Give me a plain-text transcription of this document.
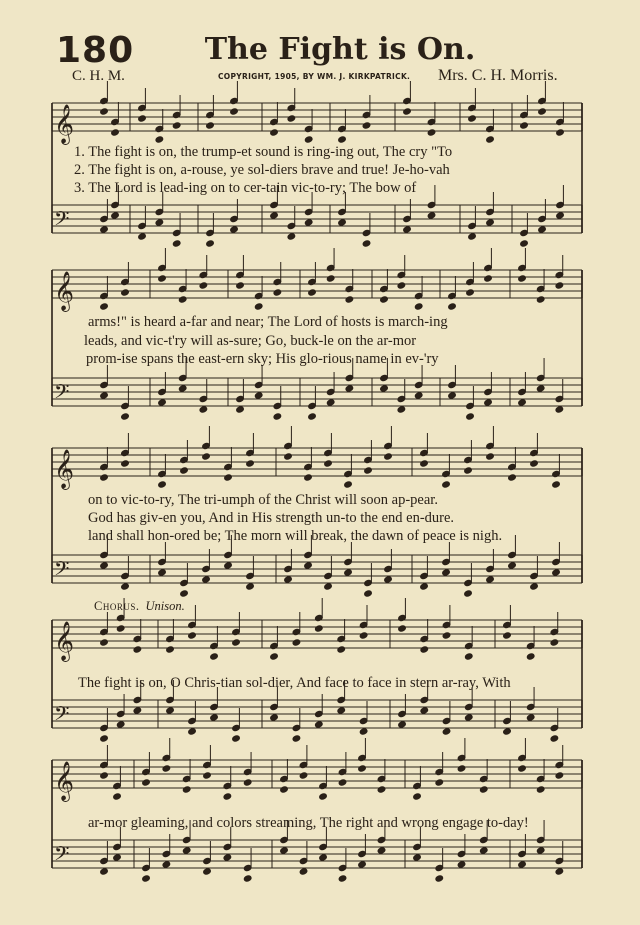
180	The Fight is On.
C. H. M.	COPYRIGHT, 1905, BY WM. J. KIRKPATRICK. Mrs. C. H. Morris.
𝄞
𝄢
𝄞
𝄢
𝄞
𝄢
𝄞
𝄢
𝄞
𝄢
1. The fight is on, the trump-et sound is ring-ing out, The cry "To
2. The fight is on, a-rouse, ye sol-diers brave and true! Je-ho-vah
3. The Lord is lead-ing on to cer-tain vic-to-ry; The bow of
arms!" is heard a-far and near; The Lord of hosts is march-ing
leads, and vic-t'ry will as-sure; Go, buck-le on the ar-mor
prom-ise spans the east-ern sky; His glo-rious name in ev-'ry
on to vic-to-ry, The tri-umph of the Christ will soon ap-pear.
God has giv-en you, And in His strength un-to the end en-dure.
land shall hon-ored be; The morn will break, the dawn of peace is nigh.
Chorus. Unison.
The fight is on, O Chris-tian sol-dier, And face to face in stern ar-ray, With
ar-mor gleaming, and colors streaming, The right and wrong engage to-day!
